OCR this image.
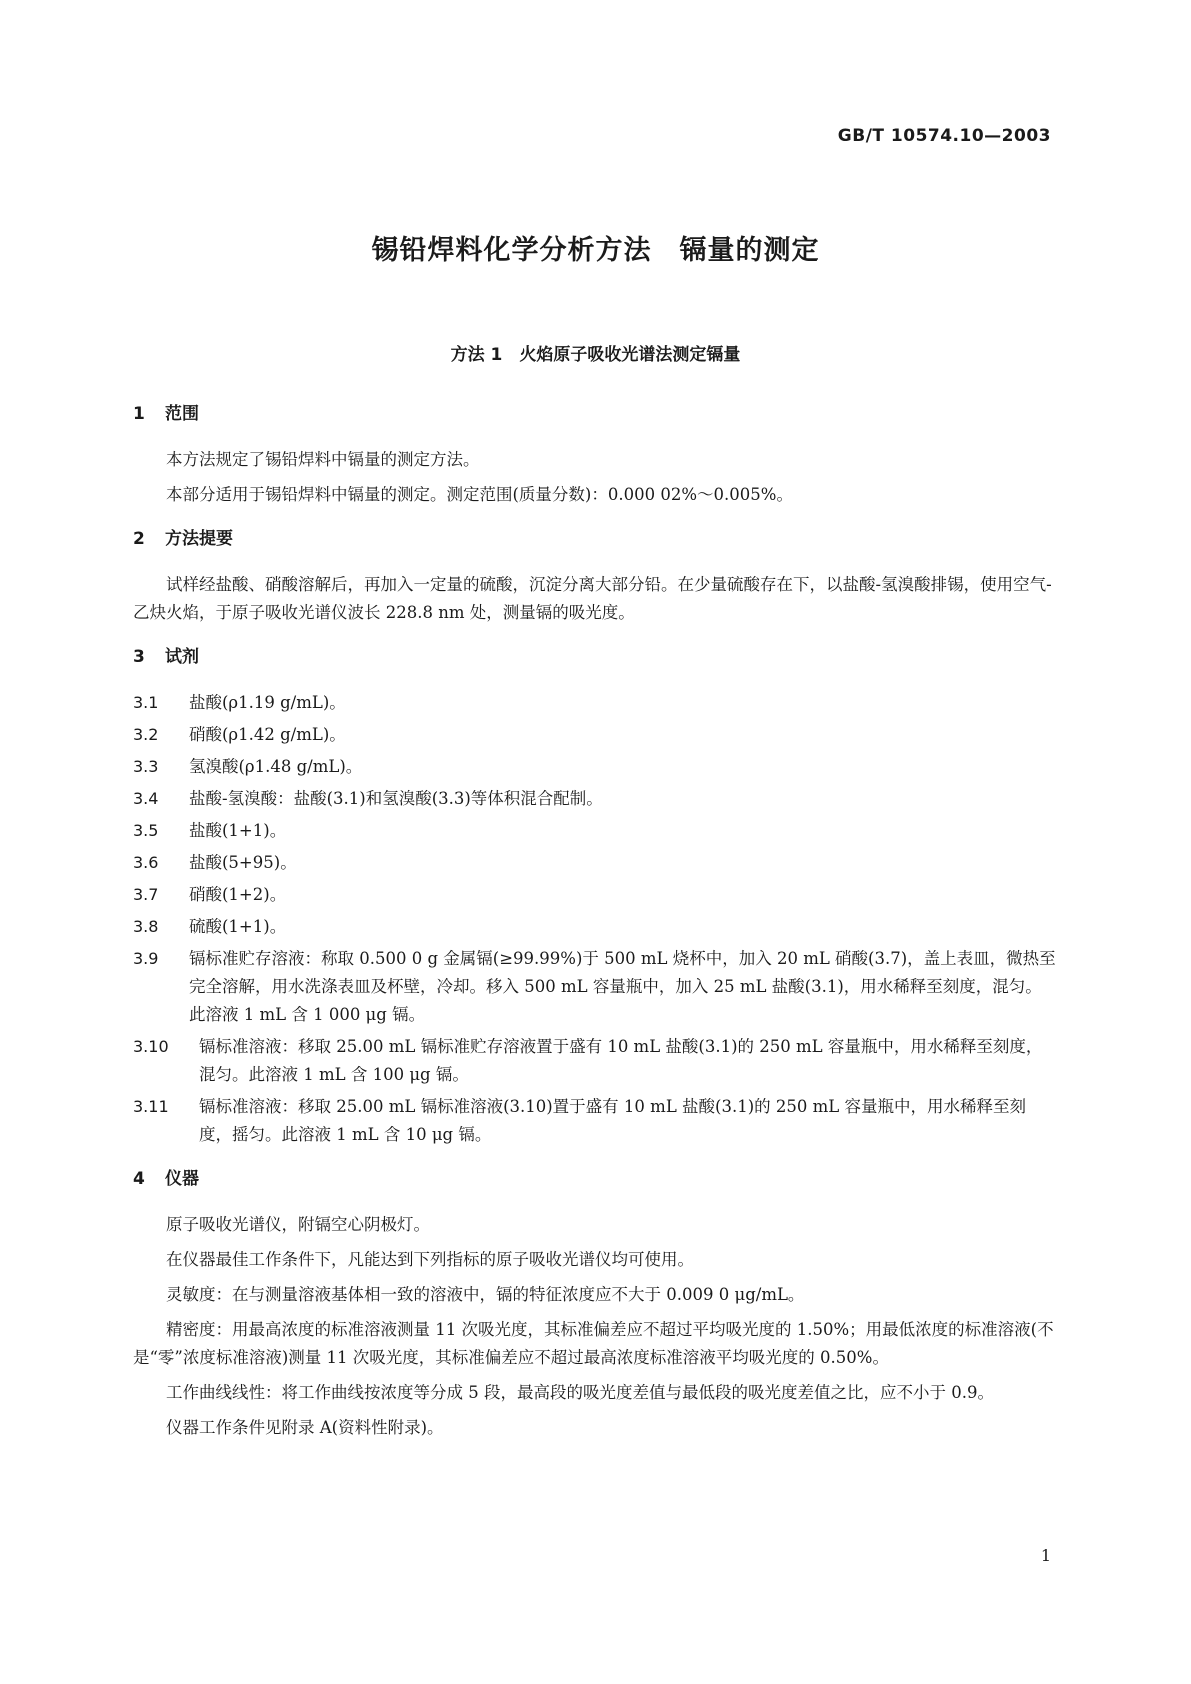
GB/T 10574.10—2003
锡铅焊料化学分析方法　镉量的测定
方法 1　火焰原子吸收光谱法测定镉量
1 范围

本方法规定了锡铅焊料中镉量的测定方法。

本部分适用于锡铅焊料中镉量的测定。测定范围(质量分数)：0.000 02%～0.005%。

2 方法提要

试样经盐酸、硝酸溶解后，再加入一定量的硫酸，沉淀分离大部分铅。在少量硫酸存在下，以盐酸-氢溴酸排锡，使用空气-乙炔火焰，于原子吸收光谱仪波长 228.8 nm 处，测量镉的吸光度。

3 试剂
3.1	盐酸(ρ1.19 g/mL)。
3.2	硝酸(ρ1.42 g/mL)。
3.3	氢溴酸(ρ1.48 g/mL)。
3.4	盐酸-氢溴酸：盐酸(3.1)和氢溴酸(3.3)等体积混合配制。
3.5	盐酸(1+1)。
3.6	盐酸(5+95)。
3.7	硝酸(1+2)。
3.8	硫酸(1+1)。
3.9	镉标准贮存溶液：称取 0.500 0 g 金属镉(≥99.99%)于 500 mL 烧杯中，加入 20 mL 硝酸(3.7)，盖上表皿，微热至完全溶解，用水洗涤表皿及杯壁，冷却。移入 500 mL 容量瓶中，加入 25 mL 盐酸(3.1)，用水稀释至刻度，混匀。此溶液 1 mL 含 1 000 μg 镉。
3.10	镉标准溶液：移取 25.00 mL 镉标准贮存溶液置于盛有 10 mL 盐酸(3.1)的 250 mL 容量瓶中，用水稀释至刻度，混匀。此溶液 1 mL 含 100 μg 镉。
3.11	镉标准溶液：移取 25.00 mL 镉标准溶液(3.10)置于盛有 10 mL 盐酸(3.1)的 250 mL 容量瓶中，用水稀释至刻度，摇匀。此溶液 1 mL 含 10 μg 镉。
4 仪器

原子吸收光谱仪，附镉空心阴极灯。

在仪器最佳工作条件下，凡能达到下列指标的原子吸收光谱仪均可使用。

灵敏度：在与测量溶液基体相一致的溶液中，镉的特征浓度应不大于 0.009 0 μg/mL。

精密度：用最高浓度的标准溶液测量 11 次吸光度，其标准偏差应不超过平均吸光度的 1.50%；用最低浓度的标准溶液(不是“零”浓度标准溶液)测量 11 次吸光度，其标准偏差应不超过最高浓度标准溶液平均吸光度的 0.50%。

工作曲线线性：将工作曲线按浓度等分成 5 段，最高段的吸光度差值与最低段的吸光度差值之比，应不小于 0.9。

仪器工作条件见附录 A(资料性附录)。

1
